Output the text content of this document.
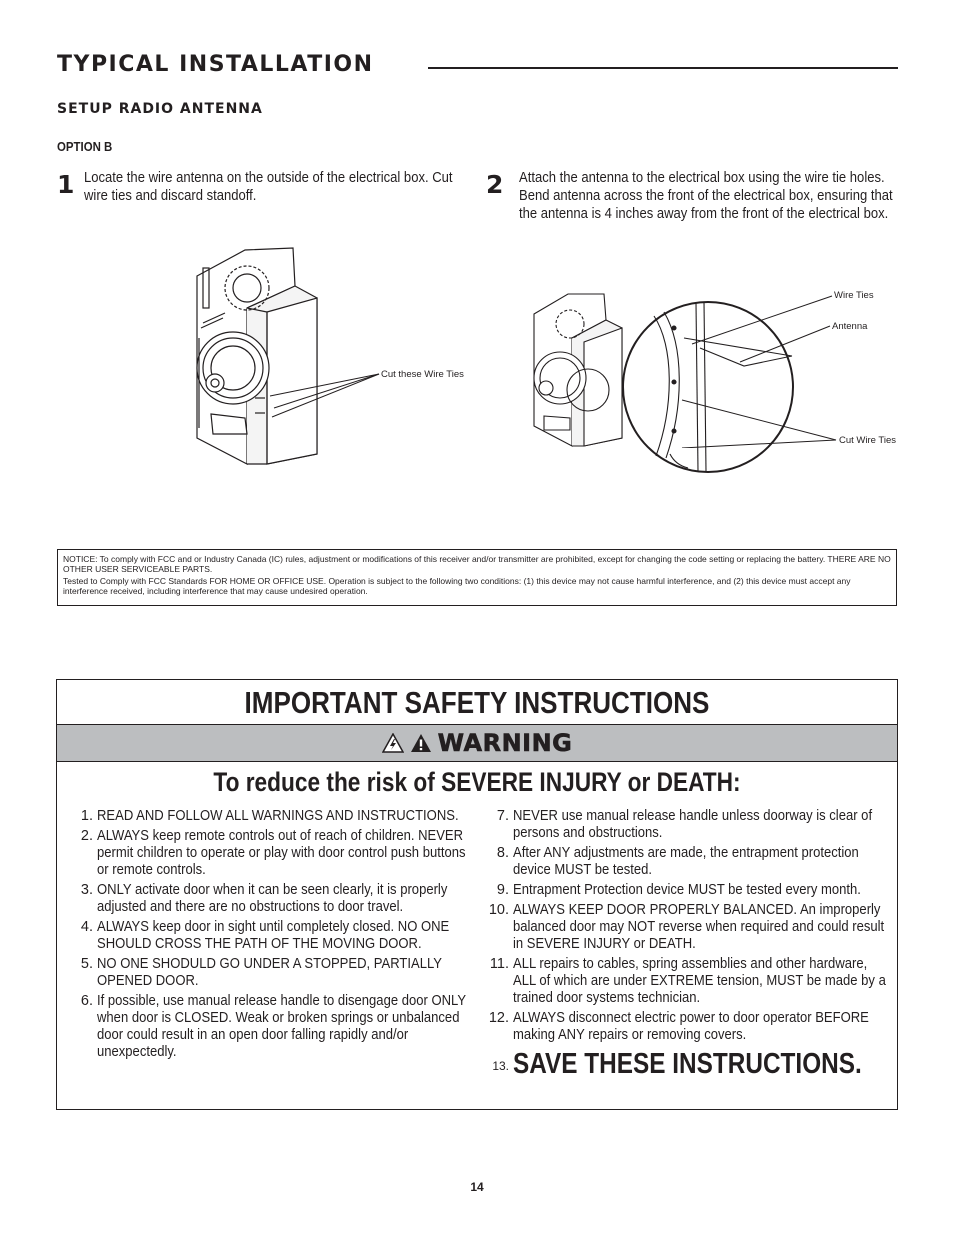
TYPICAL INSTALLATION
SETUP RADIO ANTENNA
OPTION B
1 Locate the wire antenna on the outside of the electrical box. Cut wire ties and discard standoff.	2 Attach the antenna to the electrical box using the wire tie holes. Bend antenna across the front of the electrical box, ensuring that the antenna is 4 inches away from the front of the electrical box.
Cut these Wire Ties
Wire Ties
Antenna
Cut Wire Ties

NOTICE: To comply with FCC and or Industry Canada (IC) rules, adjustment or modifications of this receiver and/or transmitter are prohibited, except for changing the code setting or replacing the battery. THERE ARE NO OTHER USER SERVICEABLE PARTS.

Tested to Comply with FCC Standards FOR HOME OR OFFICE USE. Operation is subject to the following two conditions: (1) this device may not cause harmful interference, and (2) this device must accept any interference received, including interference that may cause undesired operation.

IMPORTANT SAFETY INSTRUCTIONS
WARNING
To reduce the risk of SEVERE INJURY or DEATH:
1. READ AND FOLLOW ALL WARNINGS AND INSTRUCTIONS.
2. ALWAYS keep remote controls out of reach of children. NEVER permit children to operate or play with door control push buttons or remote controls.
3. ONLY activate door when it can be seen clearly, it is properly adjusted and there are no obstructions to door travel.
4. ALWAYS keep door in sight until completely closed. NO ONE SHOULD CROSS THE PATH OF THE MOVING DOOR.
5. NO ONE SHODULD GO UNDER A STOPPED, PARTIALLY OPENED DOOR.
6. If possible, use manual release handle to disengage door ONLY when door is CLOSED. Weak or broken springs or unbalanced door could result in an open door falling rapidly and/or unexpectedly.
7. NEVER use manual release handle unless doorway is clear of persons and obstructions.
8. After ANY adjustments are made, the entrapment protection device MUST be tested.
9. Entrapment Protection device MUST be tested every month.
10. ALWAYS KEEP DOOR PROPERLY BALANCED. An improperly balanced door may NOT reverse when required and could result in SEVERE INJURY or DEATH.
11. ALL repairs to cables, spring assemblies and other hardware, ALL of which are under EXTREME tension, MUST be made by a trained door systems technician.
12. ALWAYS disconnect electric power to door operator BEFORE making ANY repairs or removing covers.
13. SAVE THESE INSTRUCTIONS.
14
